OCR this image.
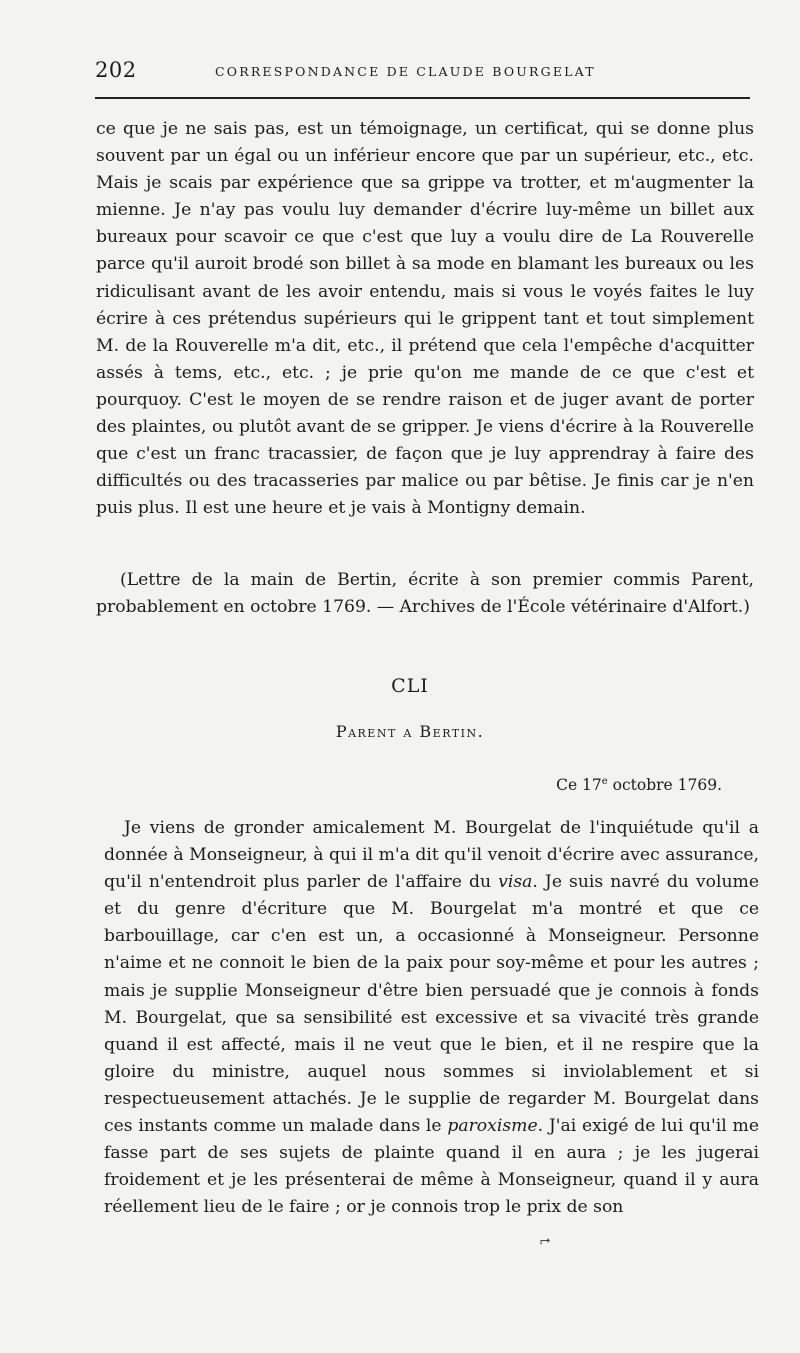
202	CORRESPONDANCE DE CLAUDE BOURGELAT

ce que je ne sais pas, est un témoignage, un certificat, qui se donne plus souvent par un égal ou un inférieur encore que par un supérieur, etc., etc. Mais je scais par expérience que sa grippe va trotter, et m'augmenter la mienne. Je n'ay pas voulu luy demander d'écrire luy-même un billet aux bureaux pour scavoir ce que c'est que luy a voulu dire de La Rouverelle parce qu'il auroit brodé son billet à sa mode en blamant les bureaux ou les ridiculisant avant de les avoir entendu, mais si vous le voyés faites le luy écrire à ces prétendus supérieurs qui le grippent tant et tout simplement M. de la Rouverelle m'a dit, etc., il prétend que cela l'empêche d'acquitter assés à tems, etc., etc. ; je prie qu'on me mande de ce que c'est et pourquoy. C'est le moyen de se rendre raison et de juger avant de porter des plaintes, ou plutôt avant de se gripper. Je viens d'écrire à la Rouverelle que c'est un franc tracassier, de façon que je luy apprendray à faire des difficultés ou des tracasseries par malice ou par bêtise. Je finis car je n'en puis plus. Il est une heure et je vais à Montigny demain.

(Lettre de la main de Bertin, écrite à son premier commis Parent, probablement en octobre 1769. — Archives de l'École vétérinaire d'Alfort.)

CLI
Parent a Bertin.
Ce 17e octobre 1769.

Je viens de gronder amicalement M. Bourgelat de l'inquiétude qu'il a donnée à Monseigneur, à qui il m'a dit qu'il venoit d'écrire avec assurance, qu'il n'entendroit plus parler de l'affaire du visa. Je suis navré du volume et du genre d'écriture que M. Bourgelat m'a montré et que ce barbouillage, car c'en est un, a occasionné à Monseigneur. Personne n'aime et ne connoit le bien de la paix pour soy-même et pour les autres ; mais je supplie Monseigneur d'être bien persuadé que je connois à fonds M. Bourgelat, que sa sensibilité est excessive et sa vivacité très grande quand il est affecté, mais il ne veut que le bien, et il ne respire que la gloire du ministre, auquel nous sommes si inviolablement et si respectueusement attachés. Je le supplie de regarder M. Bourgelat dans ces instants comme un malade dans le paroxisme. J'ai exigé de lui qu'il me fasse part de ses sujets de plainte quand il en aura ; je les jugerai froidement et je les présenterai de même à Monseigneur, quand il y aura réellement lieu de le faire ; or je connois trop le prix de son

⮣
